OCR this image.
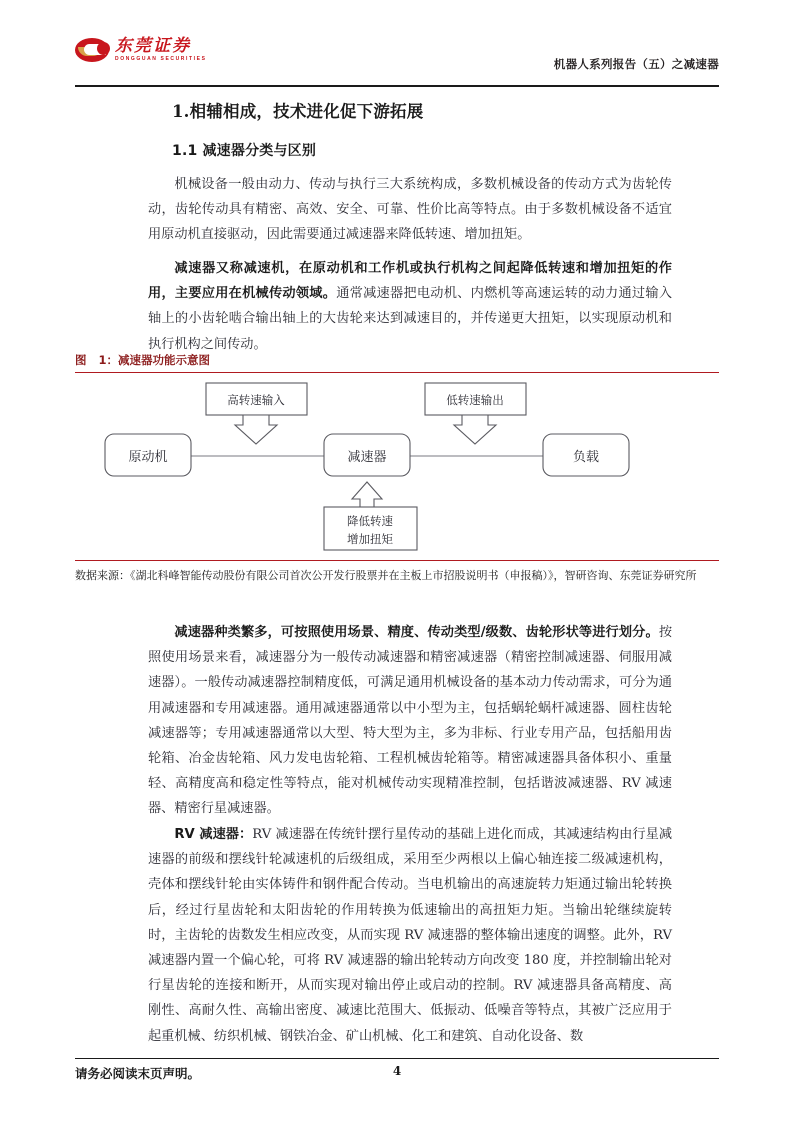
东莞证券
DONGGUAN SECURITIES	机器人系列报告（五）之减速器
1.相辅相成，技术进化促下游拓展
1.1 减速器分类与区别

机械设备一般由动力、传动与执行三大系统构成，多数机械设备的传动方式为齿轮传动，齿轮传动具有精密、高效、安全、可靠、性价比高等特点。由于多数机械设备不适宜用原动机直接驱动，因此需要通过减速器来降低转速、增加扭矩。

减速器又称减速机，在原动机和工作机或执行机构之间起降低转速和增加扭矩的作用，主要应用在机械传动领域。通常减速器把电动机、内燃机等高速运转的动力通过输入轴上的小齿轮啮合输出轴上的大齿轮来达到减速目的，并传递更大扭矩，以实现原动机和执行机构之间传动。

图   1：减速器功能示意图
原动机	减速器	负载
高转速输入	低转速输出
降低转速
增加扭矩
数据来源：《湖北科峰智能传动股份有限公司首次公开发行股票并在主板上市招股说明书（申报稿）》，智研咨询、东莞证券研究所

减速器种类繁多，可按照使用场景、精度、传动类型/级数、齿轮形状等进行划分。按照使用场景来看，减速器分为一般传动减速器和精密减速器（精密控制减速器、伺服用减速器）。一般传动减速器控制精度低，可满足通用机械设备的基本动力传动需求，可分为通用减速器和专用减速器。通用减速器通常以中小型为主，包括蜗轮蜗杆减速器、圆柱齿轮减速器等；专用减速器通常以大型、特大型为主，多为非标、行业专用产品，包括船用齿轮箱、冶金齿轮箱、风力发电齿轮箱、工程机械齿轮箱等。精密减速器具备体积小、重量轻、高精度高和稳定性等特点，能对机械传动实现精准控制，包括谐波减速器、RV 减速器、精密行星减速器。

RV 减速器：RV 减速器在传统针摆行星传动的基础上进化而成，其减速结构由行星减速器的前级和摆线针轮减速机的后级组成，采用至少两根以上偏心轴连接二级减速机构，壳体和摆线针轮由实体铸件和钢件配合传动。当电机输出的高速旋转力矩通过输出轮转换后，经过行星齿轮和太阳齿轮的作用转换为低速输出的高扭矩力矩。当输出轮继续旋转时，主齿轮的齿数发生相应改变，从而实现 RV 减速器的整体输出速度的调整。此外，RV 减速器内置一个偏心轮，可将 RV 减速器的输出轮转动方向改变 180 度，并控制输出轮对行星齿轮的连接和断开，从而实现对输出停止或启动的控制。RV 减速器具备高精度、高刚性、高耐久性、高输出密度、减速比范围大、低振动、低噪音等特点，其被广泛应用于起重机械、纺织机械、钢铁冶金、矿山机械、化工和建筑、自动化设备、数

请务必阅读末页声明。	4
